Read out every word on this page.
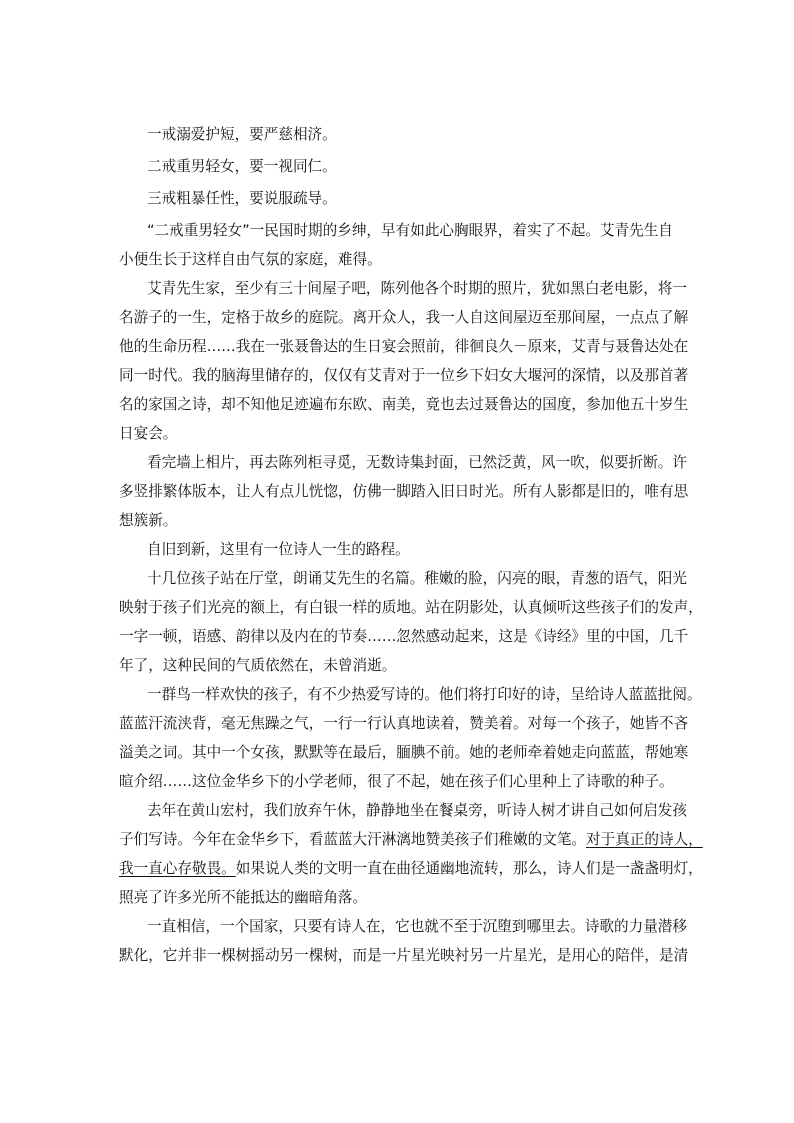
一戒溺爱护短，要严慈相济。
二戒重男轻女，要一视同仁。
三戒粗暴任性，要说服疏导。
“二戒重男轻女”一民国时期的乡绅，早有如此心胸眼界，着实了不起。艾青先生自
小便生长于这样自由气氛的家庭，难得。
艾青先生家，至少有三十间屋子吧，陈列他各个时期的照片，犹如黑白老电影，将一
名游子的一生，定格于故乡的庭院。离开众人，我一人自这间屋迈至那间屋，一点点了解
他的生命历程……我在一张聂鲁达的生日宴会照前，徘徊良久－原来，艾青与聂鲁达处在
同一时代。我的脑海里储存的，仅仅有艾青对于一位乡下妇女大堰河的深情，以及那首著
名的家国之诗，却不知他足迹遍布东欧、南美，竟也去过聂鲁达的国度，参加他五十岁生
日宴会。
看完墙上相片，再去陈列柜寻觅，无数诗集封面，已然泛黄，风一吹，似要折断。许
多竖排繁体版本，让人有点儿恍惚，仿佛一脚踏入旧日时光。所有人影都是旧的，唯有思
想簇新。
自旧到新，这里有一位诗人一生的路程。
十几位孩子站在厅堂，朗诵艾先生的名篇。稚嫩的脸，闪亮的眼，青葱的语气，阳光
映射于孩子们光亮的额上，有白银一样的质地。站在阴影处，认真倾听这些孩子们的发声，
一字一顿，语感、韵律以及内在的节奏……忽然感动起来，这是《诗经》里的中国，几千
年了，这种民间的气质依然在，未曾消逝。
一群鸟一样欢快的孩子，有不少热爱写诗的。他们将打印好的诗，呈给诗人蓝蓝批阅。
蓝蓝汗流浃背，毫无焦躁之气，一行一行认真地读着，赞美着。对每一个孩子，她皆不吝
溢美之词。其中一个女孩，默默等在最后，腼腆不前。她的老师牵着她走向蓝蓝，帮她寒
暄介绍……这位金华乡下的小学老师，很了不起，她在孩子们心里种上了诗歌的种子。
去年在黄山宏村，我们放弃午休，静静地坐在餐桌旁，听诗人树才讲自己如何启发孩
子们写诗。今年在金华乡下，看蓝蓝大汗淋漓地赞美孩子们稚嫩的文笔。对于真正的诗人，
我一直心存敬畏。如果说人类的文明一直在曲径通幽地流转，那么，诗人们是一盏盏明灯，
照亮了许多光所不能抵达的幽暗角落。
一直相信，一个国家，只要有诗人在，它也就不至于沉堕到哪里去。诗歌的力量潜移
默化，它并非一棵树摇动另一棵树，而是一片星光映衬另一片星光，是用心的陪伴，是清
